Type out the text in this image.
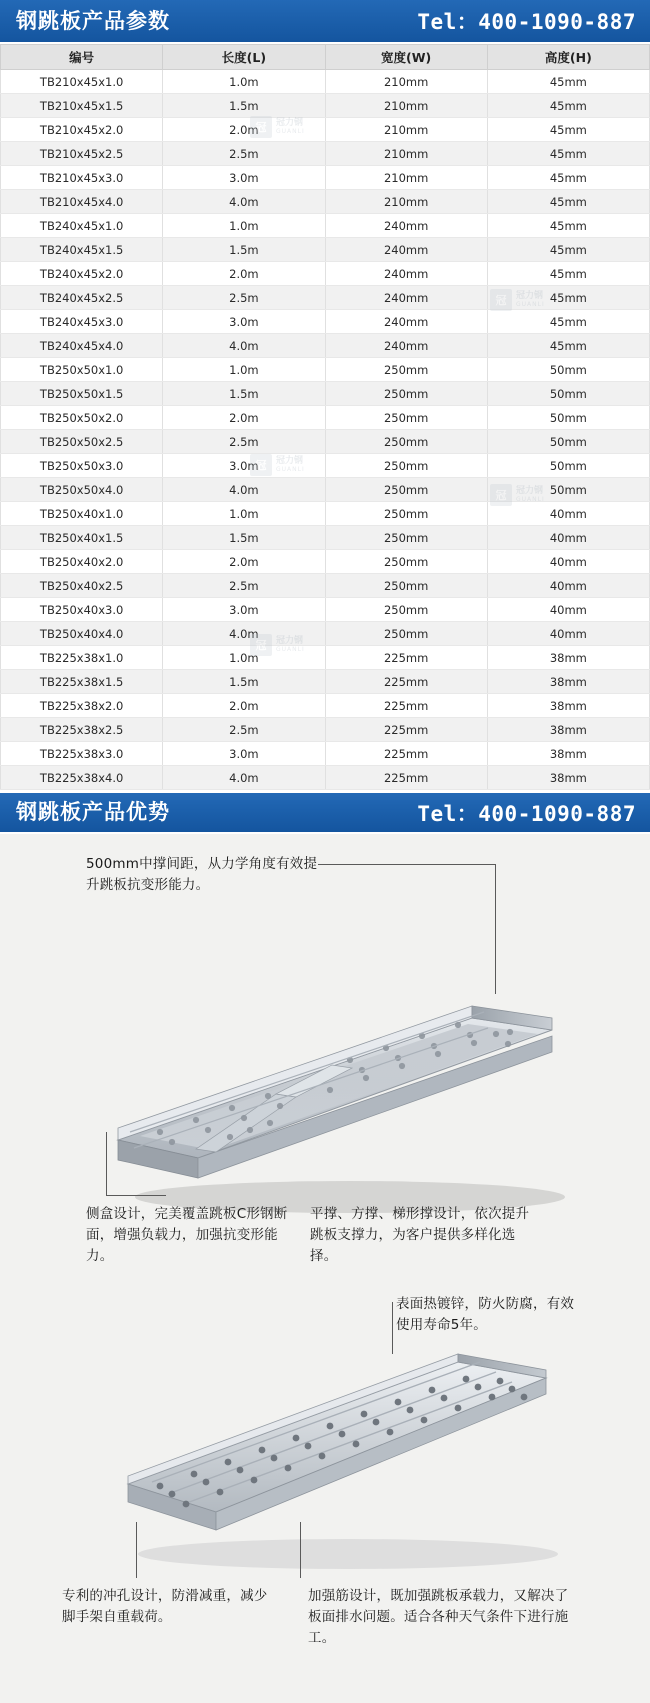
钢跳板产品参数	Tel：400-1090-887
编号	长度(L)	宽度(W)	高度(H)
TB210x45x1.0	1.0m	210mm	45mm
TB210x45x1.5	1.5m	210mm	45mm
TB210x45x2.0	2.0m	210mm	45mm
TB210x45x2.5	2.5m	210mm	45mm
TB210x45x3.0	3.0m	210mm	45mm
TB210x45x4.0	4.0m	210mm	45mm
TB240x45x1.0	1.0m	240mm	45mm
TB240x45x1.5	1.5m	240mm	45mm
TB240x45x2.0	2.0m	240mm	45mm
TB240x45x2.5	2.5m	240mm	45mm
TB240x45x3.0	3.0m	240mm	45mm
TB240x45x4.0	4.0m	240mm	45mm
TB250x50x1.0	1.0m	250mm	50mm
TB250x50x1.5	1.5m	250mm	50mm
TB250x50x2.0	2.0m	250mm	50mm
TB250x50x2.5	2.5m	250mm	50mm
TB250x50x3.0	3.0m	250mm	50mm
TB250x50x4.0	4.0m	250mm	50mm
TB250x40x1.0	1.0m	250mm	40mm
TB250x40x1.5	1.5m	250mm	40mm
TB250x40x2.0	2.0m	250mm	40mm
TB250x40x2.5	2.5m	250mm	40mm
TB250x40x3.0	3.0m	250mm	40mm
TB250x40x4.0	4.0m	250mm	40mm
TB225x38x1.0	1.0m	225mm	38mm
TB225x38x1.5	1.5m	225mm	38mm
TB225x38x2.0	2.0m	225mm	38mm
TB225x38x2.5	2.5m	225mm	38mm
TB225x38x3.0	3.0m	225mm	38mm
TB225x38x4.0	4.0m	225mm	38mm
冠	冠力钢
GUANLI
冠	冠力钢
GUANLI
冠	冠力钢
GUANLI
冠	冠力钢
GUANLI
冠	冠力钢
GUANLI
钢跳板产品优势	Tel：400-1090-887
500mm中撑间距，从力学角度有效提升跳板抗变形能力。
侧盒设计，完美覆盖跳板C形钢断面，增强负载力，加强抗变形能力。
平撑、方撑、梯形撑设计，依次提升跳板支撑力，为客户提供多样化选择。
表面热镀锌，防火防腐，有效使用寿命5年。
专利的冲孔设计，防滑减重，减少脚手架自重载荷。
加强筋设计，既加强跳板承载力，又解决了板面排水问题。适合各种天气条件下进行施工。
